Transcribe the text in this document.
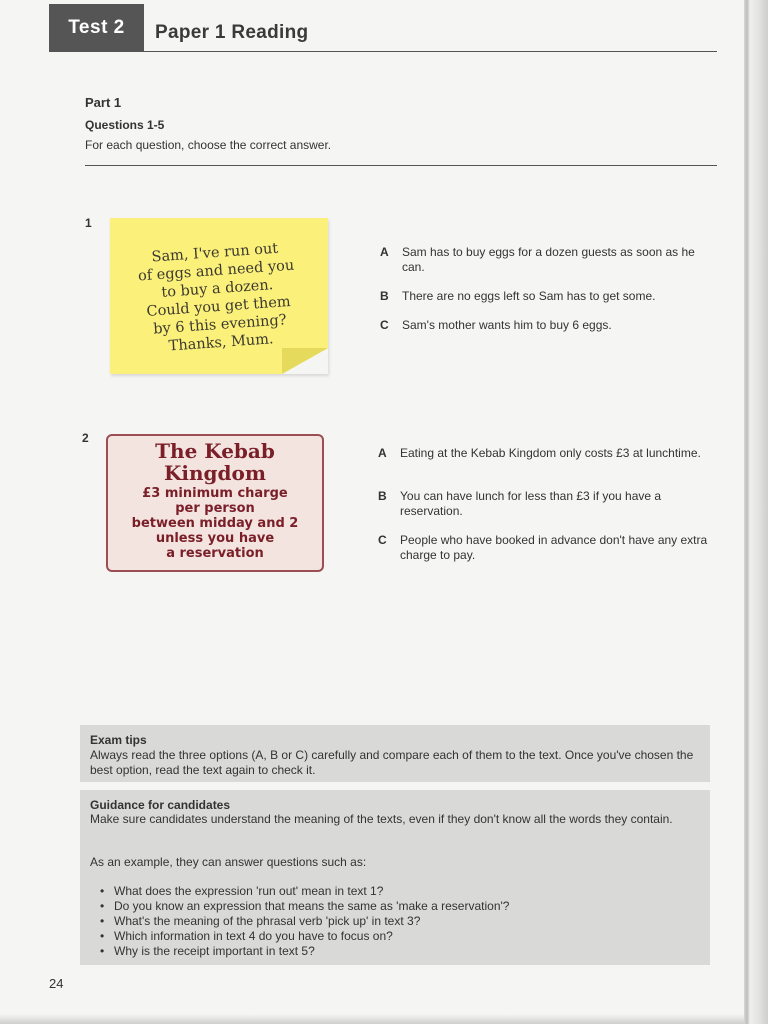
Test 2	Paper 1 Reading
Part 1
Questions 1-5
For each question, choose the correct answer.
1
Sam, I've run out
of eggs and need you
to buy a dozen.
Could you get them
by 6 this evening?
Thanks, Mum.
A Sam has to buy eggs for a dozen guests as soon as he can.
B There are no eggs left so Sam has to get some.
C Sam's mother wants him to buy 6 eggs.
2
The Kebab Kingdom
£3 minimum charge
per person
between midday and 2
unless you have
a reservation
A Eating at the Kebab Kingdom only costs £3 at lunchtime.
B You can have lunch for less than £3 if you have a reservation.
C People who have booked in advance don't have any extra charge to pay.
Exam tips
Always read the three options (A, B or C) carefully and compare each of them to the text. Once you've chosen the best option, read the text again to check it.
Guidance for candidates
Make sure candidates understand the meaning of the texts, even if they don't know all the words they contain.
As an example, they can answer questions such as:
• What does the expression 'run out' mean in text 1?
• Do you know an expression that means the same as 'make a reservation'?
• What's the meaning of the phrasal verb 'pick up' in text 3?
• Which information in text 4 do you have to focus on?
• Why is the receipt important in text 5?
24
